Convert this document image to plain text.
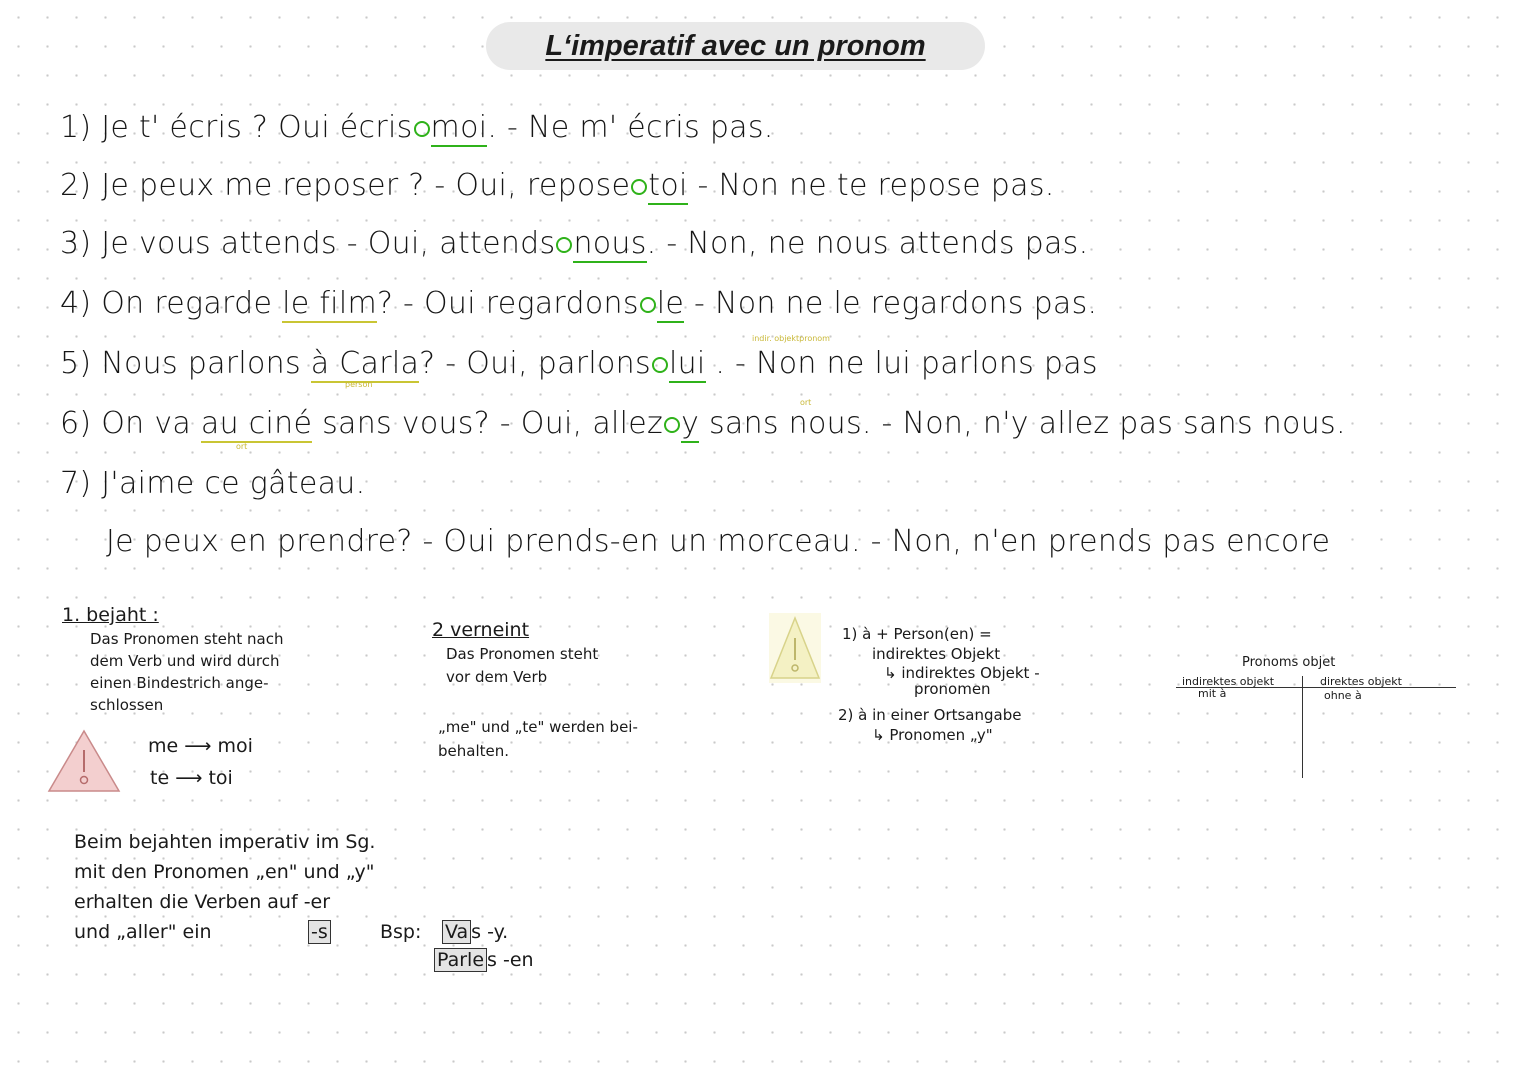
L‘imperatif avec un pronom
1) Je t' écris ? Oui écris moi. - Ne m' écris pas.
2) Je peux me reposer ? - Oui, repose toi - Non ne te repose pas.
3) Je vous attends - Oui, attends nous. - Non, ne nous attends pas.
4) On regarde le film? - Oui regardons le - Non ne le regardons pas.
indir. objektpronom
5) Nous parlons à Carla? - Oui, parlons lui . - Non ne lui parlons pas
person
ort
6) On va au ciné sans vous? - Oui, allez y sans nous. - Non, n'y allez pas sans nous.
ort
7) J'aime ce gâteau.
Je peux en prendre? - Oui prends-en un morceau. - Non, n'en prends pas encore
1. bejaht :
Das Pronomen steht nach
dem Verb und wird durch
einen Bindestrich ange-
schlossen
me ⟶ moi
te ⟶ toi
2 verneint
Das Pronomen steht
vor dem Verb
„me" und „te" werden bei-
behalten.
1) à + Person(en) =
indirektes Objekt
↳ indirektes Objekt -
pronomen
2) à in einer Ortsangabe
↳ Pronomen „y"
Pronoms objet
indirektes objekt
mit à
direktes objekt
ohne à
Beim bejahten imperativ im Sg.
mit den Pronomen „en" und „y"
erhalten die Verben auf -er
und „aller" ein	-s	Bsp: Va s -y.
Parle s -en
